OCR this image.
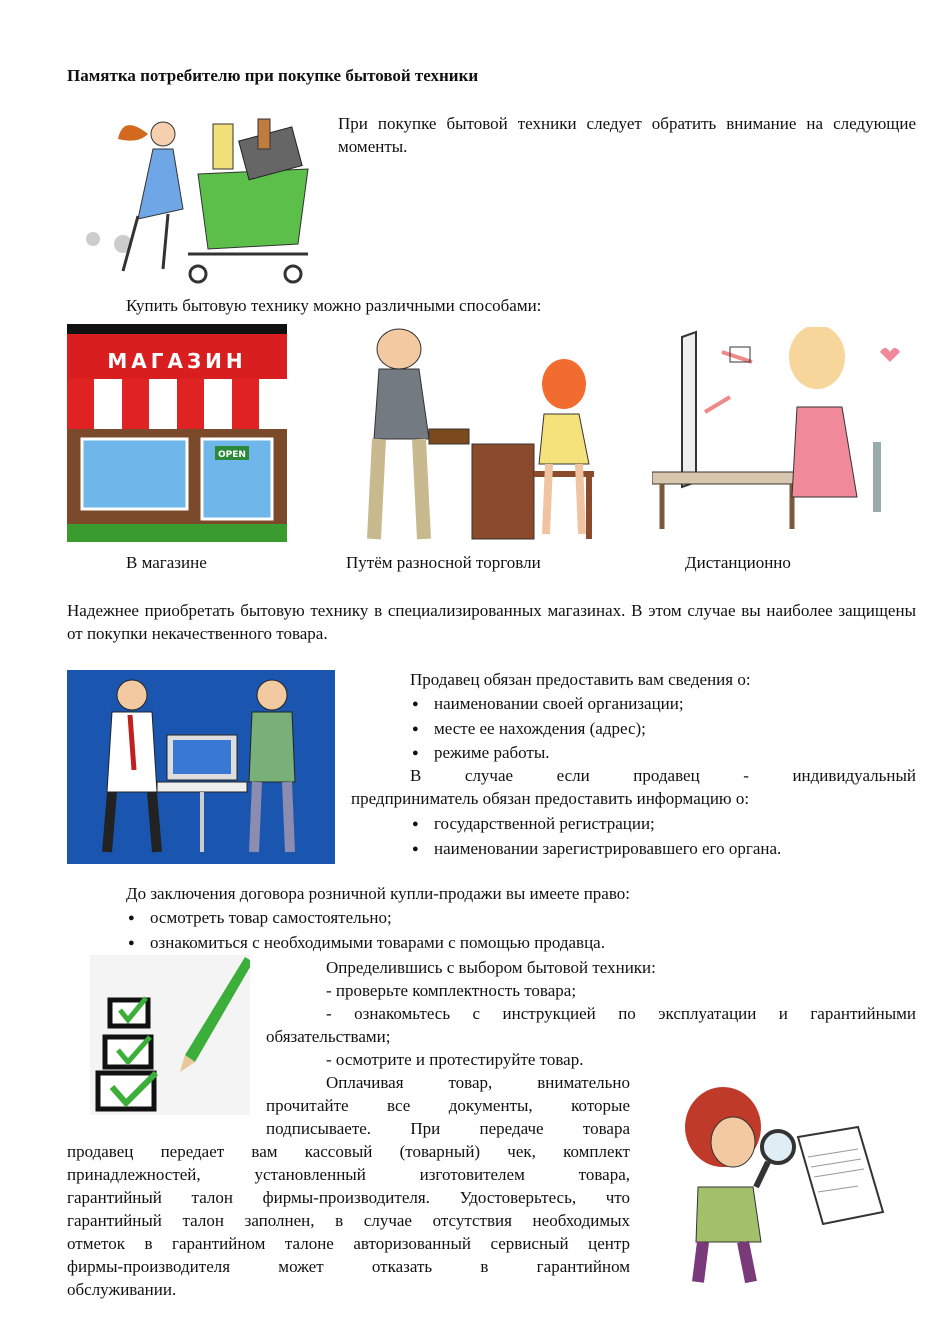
Памятка потребителю при покупке бытовой техники
При покупке бытовой техники следует обратить внимание на следующие моменты.
Купить бытовую технику можно различными способами:
МАГАЗИН
OPEN
В магазине	Путём разносной торговли	Дистанционно
Надежнее приобретать бытовую технику в специализированных магазинах. В этом случае вы наиболее защищены от покупки некачественного товара.
Продавец обязан предоставить вам сведения о:
● наименовании своей организации;
● месте ее нахождения (адрес);
● режиме работы.
В случае если продавец - индивидуальный
предприниматель обязан предоставить информацию о:
● государственной регистрации;
● наименовании зарегистрировавшего его органа.
До заключения договора розничной купли-продажи вы имеете право:
● осмотреть товар самостоятельно;
● ознакомиться с необходимыми товарами с помощью продавца.
Определившись с выбором бытовой техники:
- проверьте комплектность товара;
- ознакомьтесь с инструкцией по эксплуатации и гарантийными
обязательствами;
- осмотрите и протестируйте товар.
Оплачивая товар, внимательно
прочитайте все документы, которые
подписываете. При передаче товара
продавец передает вам кассовый (товарный) чек, комплект
принадлежностей, установленный изготовителем товара,
гарантийный талон фирмы-производителя. Удостоверьтесь, что
гарантийный талон заполнен, в случае отсутствия необходимых
отметок в гарантийном талоне авторизованный сервисный центр
фирмы-производителя может отказать в гарантийном
обслуживании.
